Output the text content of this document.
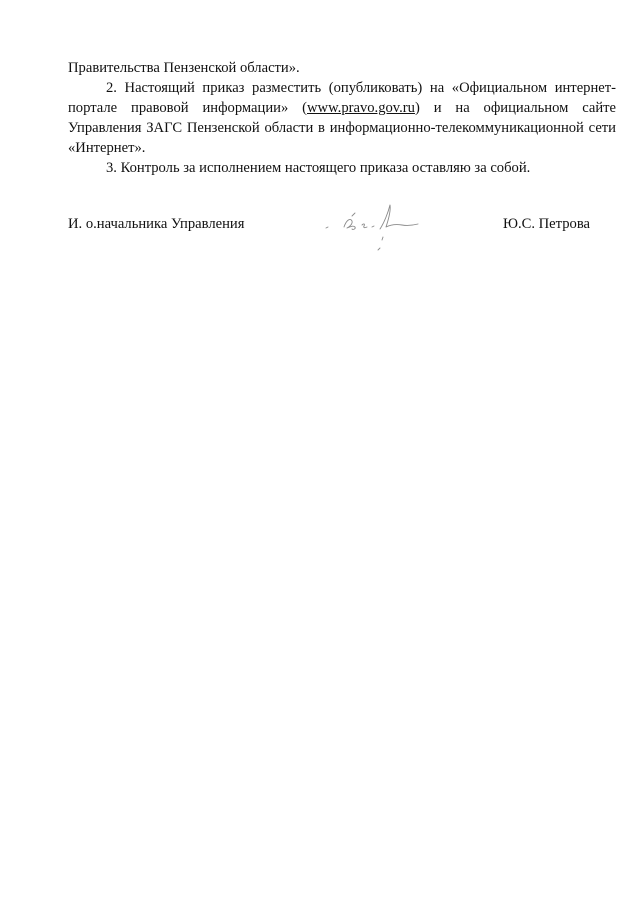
Правительства Пензенской области».

2. Настоящий приказ разместить (опубликовать) на «Официальном интернет-портале правовой информации» (www.pravo.gov.ru) и на официальном сайте Управления ЗАГС Пензенской области в информационно-телекоммуникационной сети «Интернет».

3. Контроль за исполнением настоящего приказа оставляю за собой.

И. о.начальника Управления	Ю.С. Петрова
